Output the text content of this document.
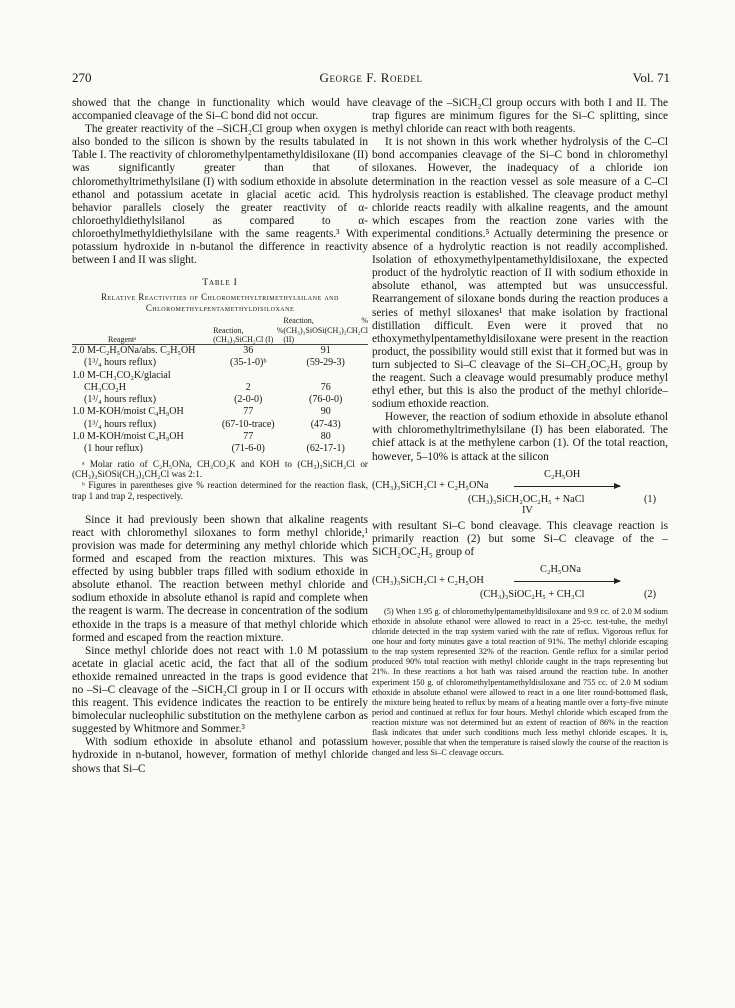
270	George F. Roedel	Vol. 71

showed that the change in functionality which would have accompanied cleavage of the Si–C bond did not occur.

The greater reactivity of the –SiCH₂Cl group when oxygen is also bonded to the silicon is shown by the results tabulated in Table I. The reactivity of chloromethylpentamethyldisiloxane (II) was significantly greater than that of chloromethyltrimethylsilane (I) with sodium ethoxide in absolute ethanol and potassium acetate in glacial acetic acid. This behavior parallels closely the greater reactivity of α-chloroethyldiethylsilanol as compared to α-chloroethylmethyldiethylsilane with the same reagents.³ With potassium hydroxide in n-butanol the difference in reactivity between I and II was slight.

Table I
Relative Reactivities of Chloromethyltrimethylsilane and Chloromethylpentamethyldisiloxane
Reagentᵃ	Reaction, % (CH₃)₃SiCH₂Cl (I)	Reaction, % (CH₃)₃SiOSi(CH₃)₂CH₂Cl (II)
2.0 M-C₂H₅ONa/abs. C₂H₅OH	36	91
(1³/₄ hours reflux)	(35-1-0)ᵇ	(59-29-3)
1.0 M-CH₃CO₂K/glacial		
CH₃CO₂H	2	76
(1³/₄ hours reflux)	(2-0-0)	(76-0-0)
1.0 M-KOH/moist C₄H₉OH	77	90
(1³/₄ hours reflux)	(67-10-trace)	(47-43)
1.0 M-KOH/moist C₄H₉OH	77	80
(1 hour reflux)	(71-6-0)	(62-17-1)
ᵃ Molar ratio of C₂H₅ONa, CH₃CO₂K and KOH to (CH₃)₃SiCH₂Cl or (CH₃)₃SiOSi(CH₃)₂CH₂Cl was 2:1.
ᵇ Figures in parentheses give % reaction determined for the reaction flask, trap 1 and trap 2, respectively.

Since it had previously been shown that alkaline reagents react with chloromethyl siloxanes to form methyl chloride,¹ provision was made for determining any methyl chloride which formed and escaped from the reaction mixtures. This was effected by using bubbler traps filled with sodium ethoxide in absolute ethanol. The reaction between methyl chloride and sodium ethoxide in absolute ethanol is rapid and complete when the reagent is warm. The decrease in concentration of the sodium ethoxide in the traps is a measure of that methyl chloride which formed and escaped from the reaction mixture.

Since methyl chloride does not react with 1.0 M potassium acetate in glacial acetic acid, the fact that all of the sodium ethoxide remained unreacted in the traps is good evidence that no –Si–C cleavage of the –SiCH₂Cl group in I or II occurs with this reagent. This evidence indicates the reaction to be entirely bimolecular nucleophilic substitution on the methylene carbon as suggested by Whitmore and Sommer.³

With sodium ethoxide in absolute ethanol and potassium hydroxide in n-butanol, however, formation of methyl chloride shows that Si–C

cleavage of the –SiCH₂Cl group occurs with both I and II. The trap figures are minimum figures for the Si–C splitting, since methyl chloride can react with both reagents.

It is not shown in this work whether hydrolysis of the C–Cl bond accompanies cleavage of the Si–C bond in chloromethyl siloxanes. However, the inadequacy of a chloride ion determination in the reaction vessel as sole measure of a C–Cl hydrolysis reaction is established. The cleavage product methyl chloride reacts readily with alkaline reagents, and the amount which escapes from the reaction zone varies with the experimental conditions.⁵ Actually determining the presence or absence of a hydrolytic reaction is not readily accomplished. Isolation of ethoxymethylpentamethyldisiloxane, the expected product of the hydrolytic reaction of II with sodium ethoxide in absolute ethanol, was attempted but was unsuccessful. Rearrangement of siloxane bonds during the reaction produces a series of methyl siloxanes¹ that make isolation by fractional distillation difficult. Even were it proved that no ethoxymethylpentamethyldisiloxane were present in the reaction product, the possibility would still exist that it formed but was in turn subjected to Si–C cleavage of the Si–CH₂OC₂H₅ group by the reagent. Such a cleavage would presumably produce methyl ethyl ether, but this is also the product of the methyl chloride–sodium ethoxide reaction.

However, the reaction of sodium ethoxide in absolute ethanol with chloromethyltrimethylsilane (I) has been elaborated. The chief attack is at the methylene carbon (1). Of the total reaction, however, 5–10% is attack at the silicon

C₂H₅OH
(CH₃)₃SiCH₂Cl + C₂H₅ONa
(CH₃)₃SiCH₂OC₂H₅ + NaCl	(1)
IV

with resultant Si–C bond cleavage. This cleavage reaction is primarily reaction (2) but some Si–C cleavage of the –SiCH₂OC₂H₅ group of

C₂H₅ONa
(CH₃)₃SiCH₂Cl + C₂H₅OH
(CH₃)₃SiOC₂H₅ + CH₃Cl	(2)

(5) When 1.95 g. of chloromethylpentamethyldisiloxane and 9.9 cc. of 2.0 M sodium ethoxide in absolute ethanol were allowed to react in a 25-cc. test-tube, the methyl chloride detected in the trap system varied with the rate of reflux. Vigorous reflux for one hour and forty minutes gave a total reaction of 91%. The methyl chloride escaping to the trap system represented 32% of the reaction. Gentle reflux for a similar period produced 90% total reaction with methyl chloride caught in the traps representing but 21%. In these reactions a hot bath was raised around the reaction tube. In another experiment 150 g. of chloromethylpentamethyldisiloxane and 755 cc. of 2.0 M sodium ethoxide in absolute ethanol were allowed to react in a one liter round-bottomed flask, the mixture being heated to reflux by means of a heating mantle over a forty-five minute period and continued at reflux for four hours. Methyl chloride which escaped from the reaction mixture was not determined but an extent of reaction of 86% in the reaction flask indicates that under such conditions much less methyl chloride escapes. It is, however, possible that when the temperature is raised slowly the course of the reaction is changed and less Si–C cleavage occurs.
